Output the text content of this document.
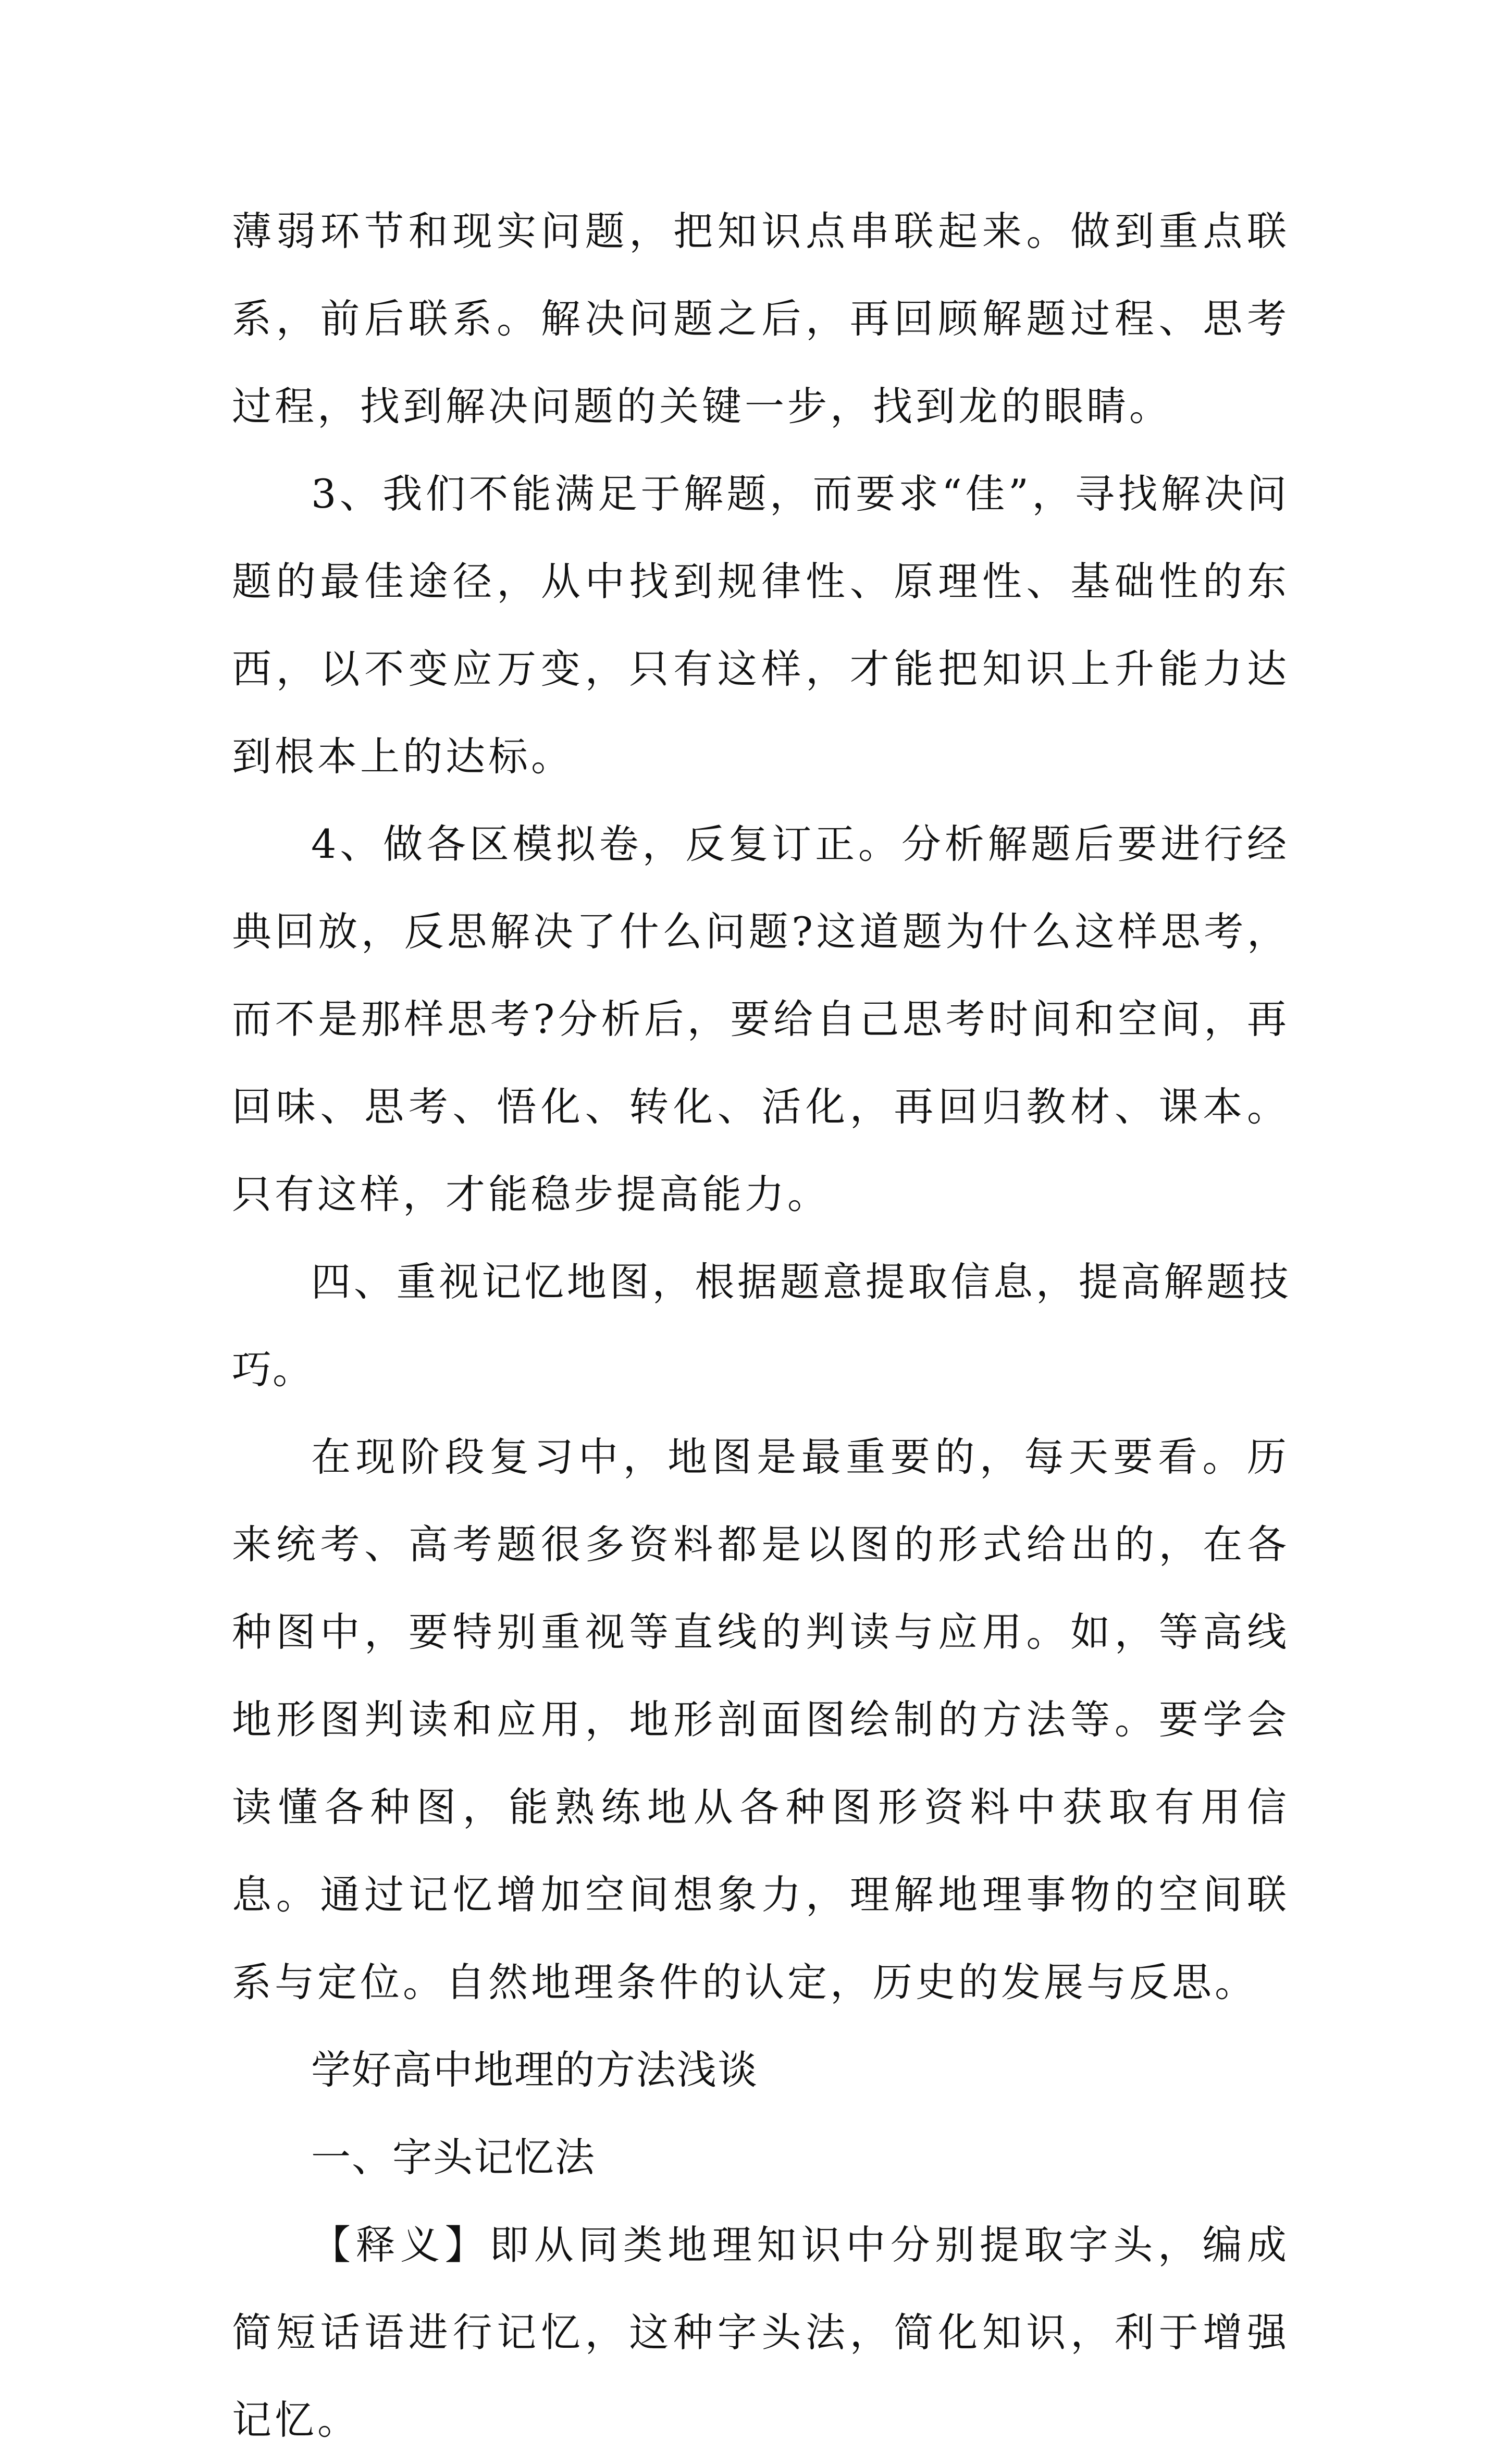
薄弱环节和现实问题，把知识点串联起来。做到重点联系，前后联系。解决问题之后，再回顾解题过程、思考过程，找到解决问题的关键一步，找到龙的眼睛。

3、我们不能满足于解题，而要求“佳”，寻找解决问题的最佳途径，从中找到规律性、原理性、基础性的东西，以不变应万变，只有这样，才能把知识上升能力达到根本上的达标。

4、做各区模拟卷，反复订正。分析解题后要进行经典回放，反思解决了什么问题?这道题为什么这样思考，而不是那样思考?分析后，要给自己思考时间和空间，再回味、思考、悟化、转化、活化，再回归教材、课本。只有这样，才能稳步提高能力。

四、重视记忆地图，根据题意提取信息，提高解题技巧。

在现阶段复习中，地图是最重要的，每天要看。历来统考、高考题很多资料都是以图的形式给出的，在各种图中，要特别重视等直线的判读与应用。如，等高线地形图判读和应用，地形剖面图绘制的方法等。要学会读懂各种图，能熟练地从各种图形资料中获取有用信息。通过记忆增加空间想象力，理解地理事物的空间联系与定位。自然地理条件的认定，历史的发展与反思。

学好高中地理的方法浅谈

一、字头记忆法

【释义】即从同类地理知识中分别提取字头，编成简短话语进行记忆，这种字头法，简化知识，利于增强记忆。
